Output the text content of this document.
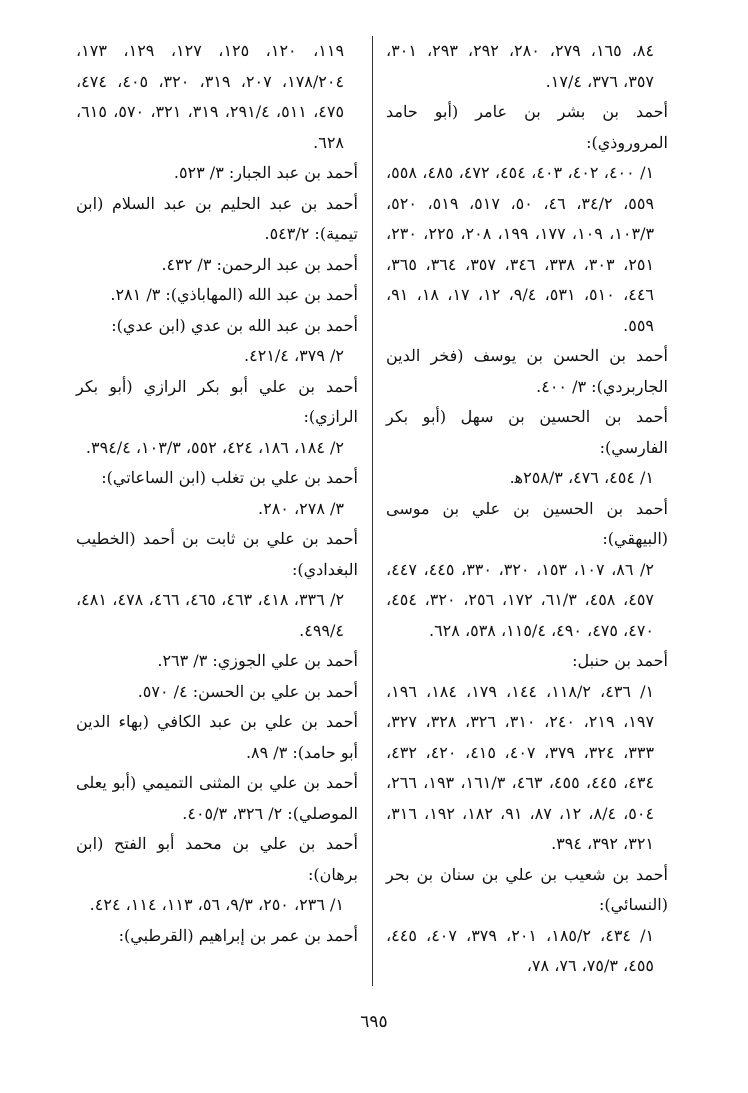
٨٤، ١٦٥، ٢٧٩، ٢٨٠، ٢٩٢، ٢٩٣، ٣٠١، ٣٥٧، ٣٧٦، ١٧/٤.
أحمد بن بشر بن عامر (أبو حامد المروروذي):
١/ ٤٠٠، ٤٠٢، ٤٠٣، ٤٥٤، ٤٧٢، ٤٨٥، ٥٥٨، ٥٥٩، ٣٤/٢، ٤٦، ٥٠، ٥١٧، ٥١٩، ٥٢٠، ١٠٣/٣، ١٠٩، ١٧٧، ١٩٩، ٢٠٨، ٢٢٥، ٢٣٠، ٢٥١، ٣٠٣، ٣٣٨، ٣٤٦، ٣٥٧، ٣٦٤، ٣٦٥، ٤٤٦، ٥١٠، ٥٣١، ٩/٤، ١٢، ١٧، ١٨، ٩١، ٥٥٩.
أحمد بن الحسن بن يوسف (فخر الدين الجاربردي): ٣/ ٤٠٠.
أحمد بن الحسين بن سهل (أبو بكر الفارسي):
١/ ٤٥٤، ٤٧٦، ٢٥٨/٣ﻫ.
أحمد بن الحسين بن علي بن موسى (البيهقي):
٢/ ٨٦، ١٠٧، ١٥٣، ٣٢٠، ٣٣٠، ٤٤٥، ٤٤٧، ٤٥٧، ٤٥٨، ٦١/٣، ١٧٢، ٢٥٦، ٣٢٠، ٤٥٤، ٤٧٠، ٤٧٥، ٤٩٠، ١١٥/٤، ٥٣٨، ٦٢٨.
أحمد بن حنبل:
١/ ٤٣٦، ١١٨/٢، ١٤٤، ١٧٩، ١٨٤، ١٩٦، ١٩٧، ٢١٩، ٢٤٠، ٣١٠، ٣٢٦، ٣٢٨، ٣٢٧، ٣٣٣، ٣٢٤، ٣٧٩، ٤٠٧، ٤١٥، ٤٢٠، ٤٣٢، ٤٣٤، ٤٤٥، ٤٥٥، ٤٦٣، ١٦١/٣، ١٩٣، ٢٦٦، ٥٠٤، ٨/٤، ١٢، ٨٧، ٩١، ١٨٢، ١٩٢، ٣١٦، ٣٢١، ٣٩٢، ٣٩٤.
أحمد بن شعيب بن علي بن سنان بن بحر (النسائي):
١/ ٤٣٤، ١٨٥/٢، ٢٠١، ٣٧٩، ٤٠٧، ٤٤٥، ٤٥٥، ٧٥/٣، ٧٦، ٧٨،
١١٩، ١٢٠، ١٢٥، ١٢٧، ١٢٩، ١٧٣، ١٧٨/٢٠٤، ٢٠٧، ٣١٩، ٣٢٠، ٤٠٥، ٤٧٤، ٤٧٥، ٥١١، ٢٩١/٤، ٣١٩، ٣٢١، ٥٧٠، ٦١٥، ٦٢٨.
أحمد بن عبد الجبار: ٣/ ٥٢٣.
أحمد بن عبد الحليم بن عبد السلام (ابن تيمية): ٥٤٣/٢.
أحمد بن عبد الرحمن: ٣/ ٤٣٢.
أحمد بن عبد الله (المهاباذي): ٣/ ٢٨١.
أحمد بن عبد الله بن عدي (ابن عدي):
٢/ ٣٧٩، ٤٢١/٤.
أحمد بن علي أبو بكر الرازي (أبو بكر الرازي):
٢/ ١٨٤، ١٨٦، ٤٢٤، ٥٥٢، ١٠٣/٣، ٣٩٤/٤.
أحمد بن علي بن تغلب (ابن الساعاتي):
٣/ ٢٧٨، ٢٨٠.
أحمد بن علي بن ثابت بن أحمد (الخطيب البغدادي):
٢/ ٣٣٦، ٤١٨، ٤٦٣، ٤٦٥، ٤٦٦، ٤٧٨، ٤٨١، ٤٩٩/٤.
أحمد بن علي الجوزي: ٣/ ٢٦٣.
أحمد بن علي بن الحسن: ٤/ ٥٧٠.
أحمد بن علي بن عبد الكافي (بهاء الدين أبو حامد): ٣/ ٨٩.
أحمد بن علي بن المثنى التميمي (أبو يعلى الموصلي): ٢/ ٣٢٦، ٤٠٥/٣.
أحمد بن علي بن محمد أبو الفتح (ابن برهان):
١/ ٢٣٦، ٢٥٠، ٩/٣، ٥٦، ١١٣، ١١٤، ٤٢٤.
أحمد بن عمر بن إبراهيم (القرطبي):
٦٩٥
